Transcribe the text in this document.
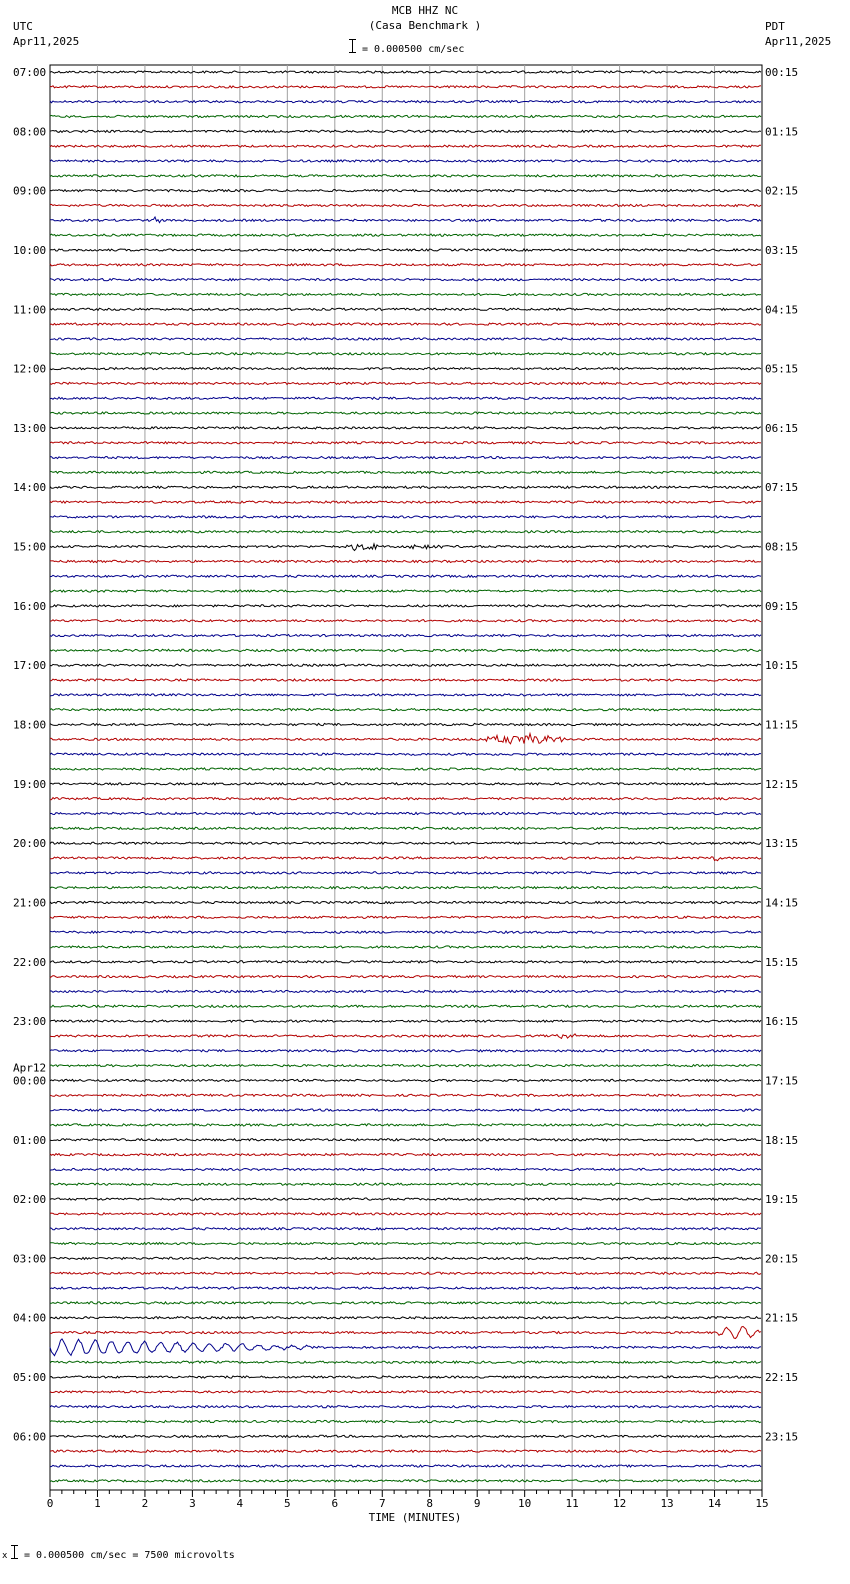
MCB HHZ NC
(Casa Benchmark )
= 0.000500 cm/sec
UTC
Apr11,2025
PDT
Apr11,2025
0	1	2	3	4	5	6	7	8	9	10	11	12	13	14	15
07:00
08:00
09:00
10:00
11:00
12:00
13:00
14:00
15:00
16:00
17:00
18:00
19:00
20:00
21:00
22:00
23:00
00:00
01:00
02:00
03:00
04:00
05:00
06:00
Apr12
00:15
01:15
02:15
03:15
04:15
05:15
06:15
07:15
08:15
09:15
10:15
11:15
12:15
13:15
14:15
15:15
16:15
17:15
18:15
19:15
20:15
21:15
22:15
23:15
TIME (MINUTES)
x = 0.000500 cm/sec = 7500 microvolts
